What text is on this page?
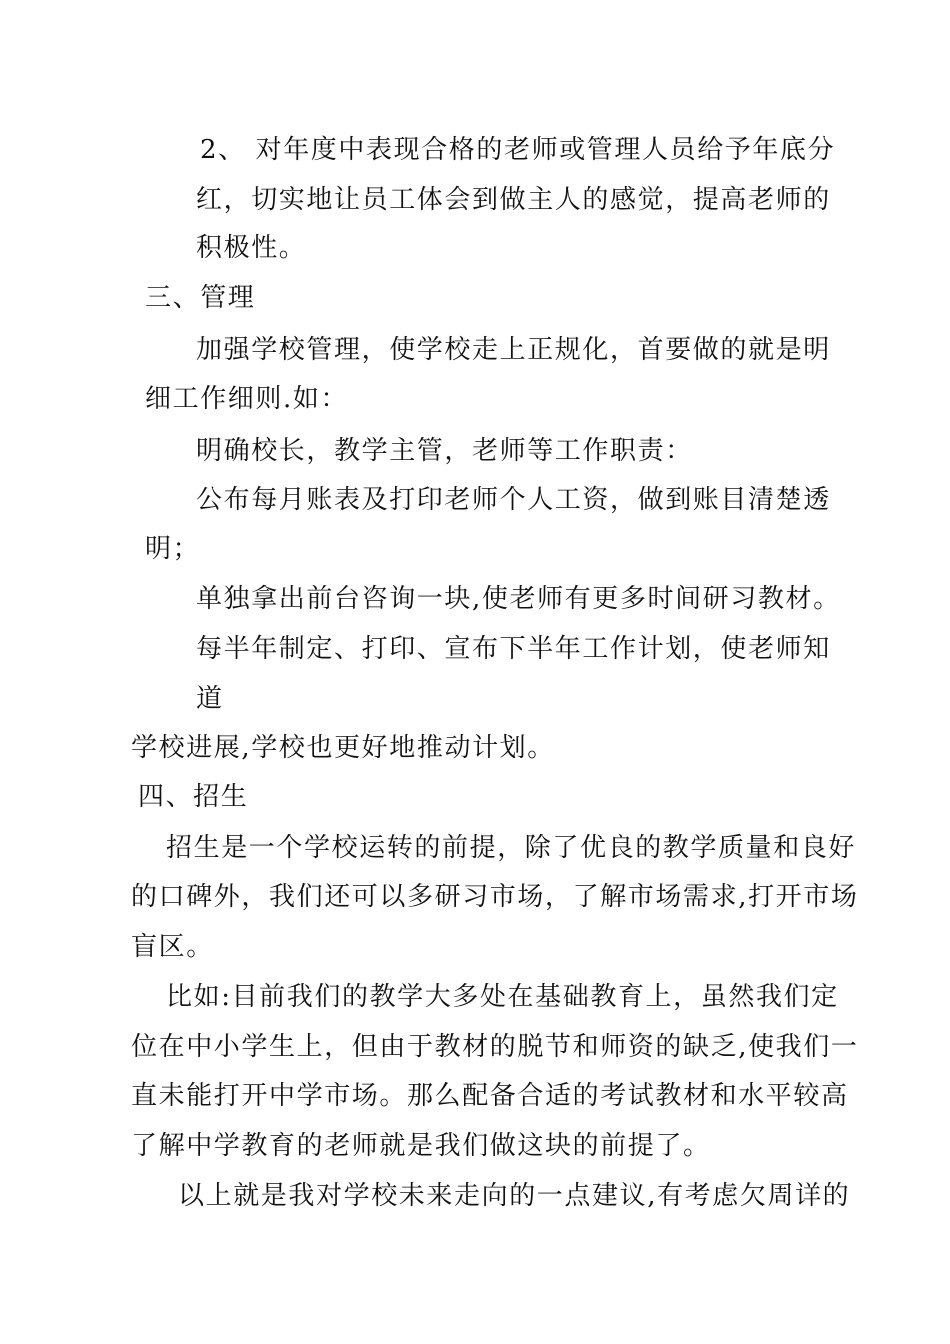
2、 对年度中表现合格的老师或管理人员给予年底分
红，切实地让员工体会到做主人的感觉，提高老师的
积极性。
三、管理
加强学校管理，使学校走上正规化，首要做的就是明
细工作细则.如：
明确校长，教学主管，老师等工作职责：
公布每月账表及打印老师个人工资，做到账目清楚透
明；
单独拿出前台咨询一块,使老师有更多时间研习教材。
每半年制定、打印、宣布下半年工作计划，使老师知
道
学校进展,学校也更好地推动计划。
四、招生
招生是一个学校运转的前提，除了优良的教学质量和良好
的口碑外，我们还可以多研习市场，了解市场需求,打开市场
盲区。
比如:目前我们的教学大多处在基础教育上，虽然我们定
位在中小学生上，但由于教材的脱节和师资的缺乏,使我们一
直未能打开中学市场。那么配备合适的考试教材和水平较高
了解中学教育的老师就是我们做这块的前提了。
以上就是我对学校未来走向的一点建议,有考虑欠周详的
